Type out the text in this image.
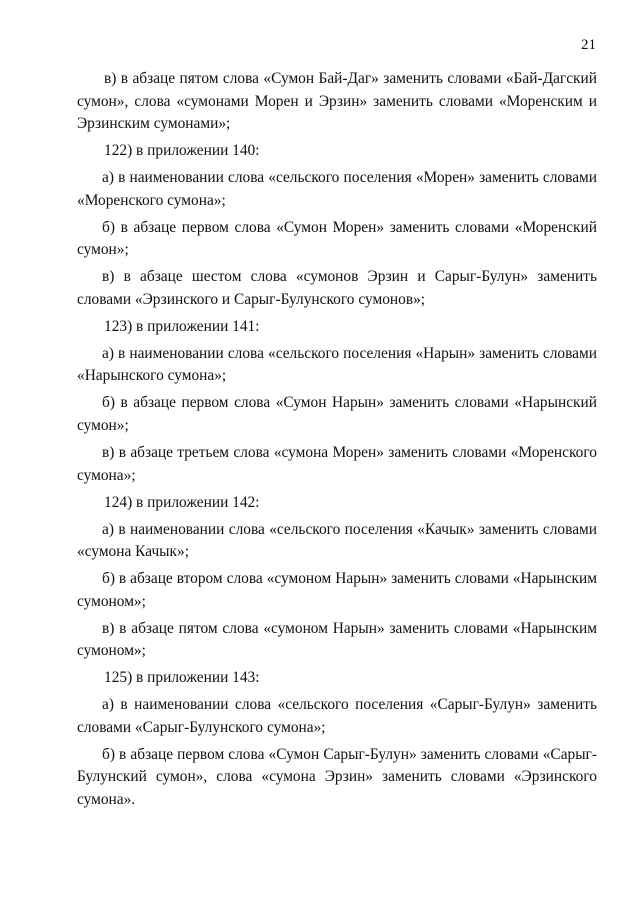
21

в) в абзаце пятом слова «Сумон Бай-Даг» заменить словами «Бай-Дагский сумон», слова «сумонами Морен и Эрзин» заменить словами «Моренским и Эрзинским сумонами»;

122) в приложении 140:

а) в наименовании слова «сельского поселения «Морен» заменить словами «Моренского сумона»;

б) в абзаце первом слова «Сумон Морен» заменить словами «Моренский сумон»;

в) в абзаце шестом слова «сумонов Эрзин и Сарыг-Булун» заменить словами «Эрзинского и Сарыг-Булунского сумонов»;

123) в приложении 141:

а) в наименовании слова «сельского поселения «Нарын» заменить словами «Нарынского сумона»;

б) в абзаце первом слова «Сумон Нарын» заменить словами «Нарынский сумон»;

в) в абзаце третьем слова «сумона Морен» заменить словами «Моренского сумона»;

124) в приложении 142:

а) в наименовании слова «сельского поселения «Качык» заменить словами «сумона Качык»;

б) в абзаце втором слова «сумоном Нарын» заменить словами «Нарынским сумоном»;

в) в абзаце пятом слова «сумоном Нарын» заменить словами «Нарынским сумоном»;

125) в приложении 143:

а) в наименовании слова «сельского поселения «Сарыг-Булун» заменить словами «Сарыг-Булунского сумона»;

б) в абзаце первом слова «Сумон Сарыг-Булун» заменить словами «Сарыг-Булунский сумон», слова «сумона Эрзин» заменить словами «Эрзинского сумона».
